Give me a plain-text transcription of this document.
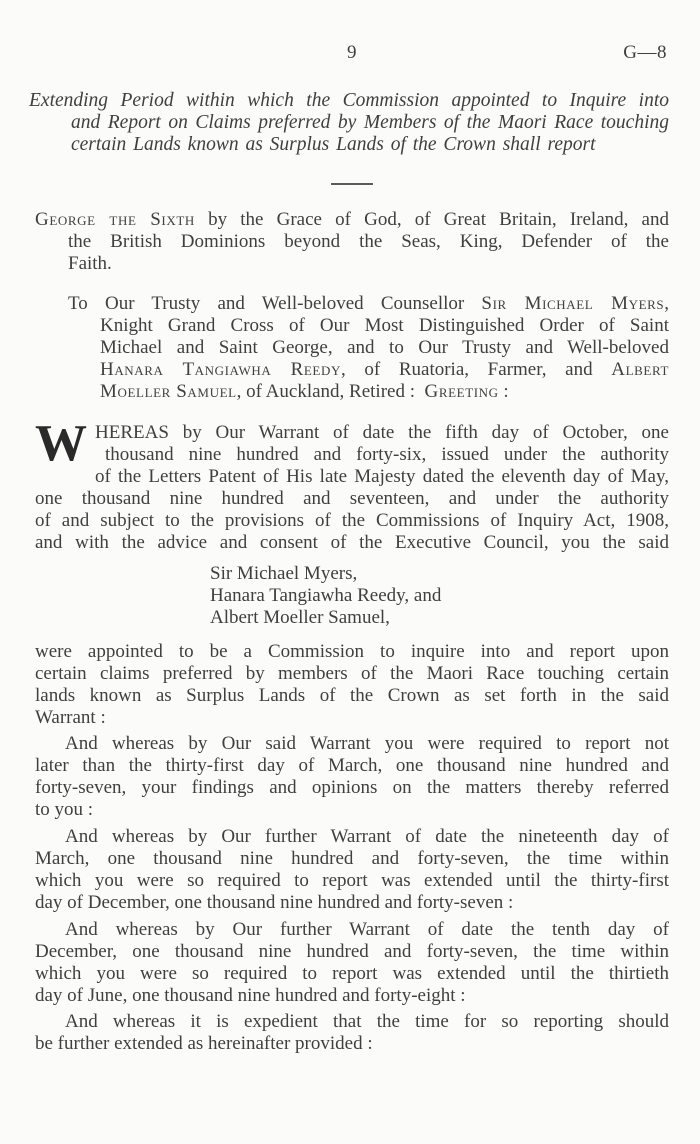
9	G—8
Extending Period within which the Commission appointed to Inquire into
and Report on Claims preferred by Members of the Maori Race touching
certain Lands known as Surplus Lands of the Crown shall report
George the Sixth by the Grace of God, of Great Britain, Ireland, and
the British Dominions beyond the Seas, King, Defender of the
Faith.
To Our Trusty and Well-beloved Counsellor Sir Michael Myers,
Knight Grand Cross of Our Most Distinguished Order of Saint
Michael and Saint George, and to Our Trusty and Well-beloved
Hanara Tangiawha Reedy, of Ruatoria, Farmer, and Albert
Moeller Samuel, of Auckland, Retired : Greeting :
W HEREAS by Our Warrant of date the fifth day of October, one
thousand nine hundred and forty-six, issued under the authority
of the Letters Patent of His late Majesty dated the eleventh day of May,
one thousand nine hundred and seventeen, and under the authority
of and subject to the provisions of the Commissions of Inquiry Act, 1908,
and with the advice and consent of the Executive Council, you the said
Sir Michael Myers,
Hanara Tangiawha Reedy, and
Albert Moeller Samuel,
were appointed to be a Commission to inquire into and report upon
certain claims preferred by members of the Maori Race touching certain
lands known as Surplus Lands of the Crown as set forth in the said
Warrant :
And whereas by Our said Warrant you were required to report not
later than the thirty-first day of March, one thousand nine hundred and
forty-seven, your findings and opinions on the matters thereby referred
to you :
And whereas by Our further Warrant of date the nineteenth day of
March, one thousand nine hundred and forty-seven, the time within
which you were so required to report was extended until the thirty-first
day of December, one thousand nine hundred and forty-seven :
And whereas by Our further Warrant of date the tenth day of
December, one thousand nine hundred and forty-seven, the time within
which you were so required to report was extended until the thirtieth
day of June, one thousand nine hundred and forty-eight :
And whereas it is expedient that the time for so reporting should
be further extended as hereinafter provided :
